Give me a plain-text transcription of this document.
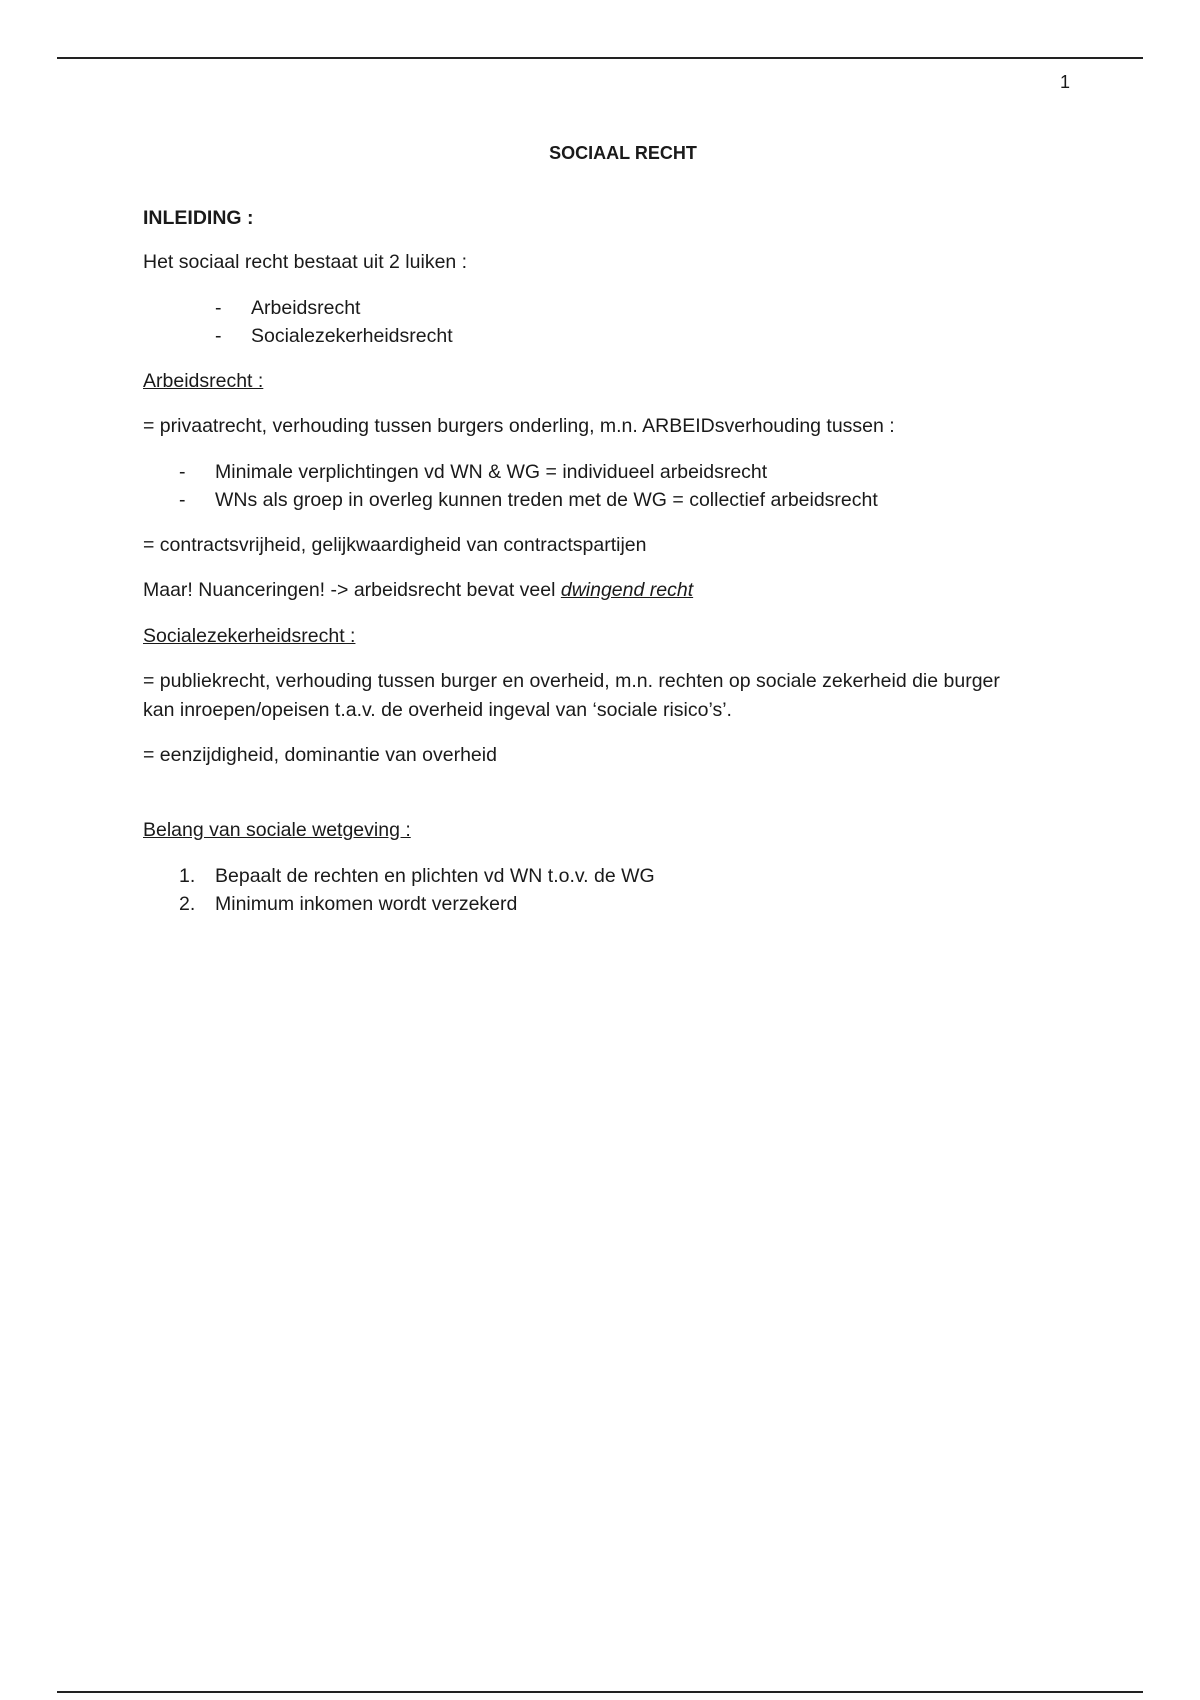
1
SOCIAAL RECHT
INLEIDING :
Het sociaal recht bestaat uit 2 luiken :
- Arbeidsrecht
- Socialezekerheidsrecht
Arbeidsrecht :
= privaatrecht, verhouding tussen burgers onderling, m.n. ARBEIDsverhouding tussen :
- Minimale verplichtingen vd WN & WG = individueel arbeidsrecht
- WNs als groep in overleg kunnen treden met de WG = collectief arbeidsrecht
= contractsvrijheid, gelijkwaardigheid van contractspartijen
Maar! Nuanceringen! -> arbeidsrecht bevat veel dwingend recht
Socialezekerheidsrecht :
= publiekrecht, verhouding tussen burger en overheid, m.n. rechten op sociale zekerheid die burger
kan inroepen/opeisen t.a.v. de overheid ingeval van ‘sociale risico’s’.
= eenzijdigheid, dominantie van overheid
Belang van sociale wetgeving :
1. Bepaalt de rechten en plichten vd WN t.o.v. de WG
2. Minimum inkomen wordt verzekerd
